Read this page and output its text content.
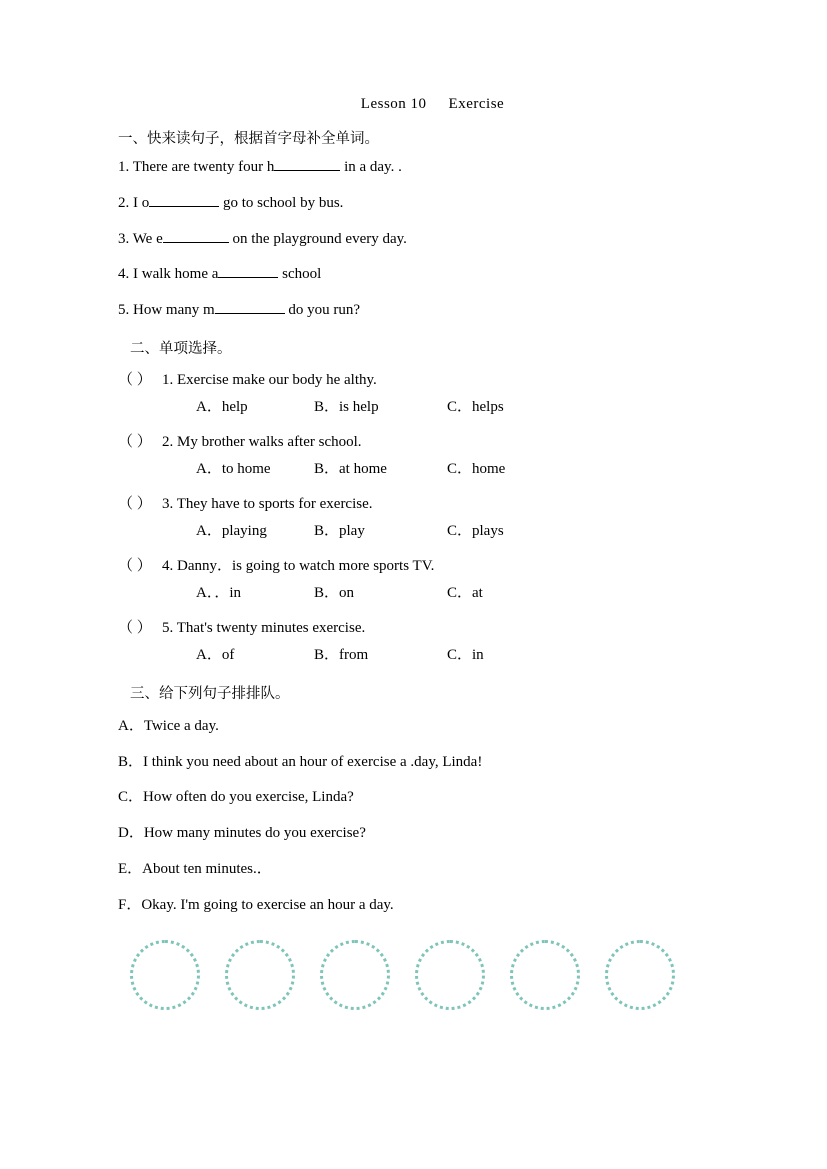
Lesson 10 Exercise
一、快来读句子，根据首字母补全单词。
1. There are twenty four h	in a day. .
2. I o	go to school by bus.
3. We e	on the playground every day.
4. I walk home a	school
5. How many m	do you run?
二、单项选择。
（ ） 1. Exercise make our body he althy.
A．help	B．is help	C．helps
（ ） 2. My brother walks after school.
A．to home	B．at home	C．home
（ ） 3. They have to sports for exercise.
A．playing	B．play	C．plays
（ ） 4. Danny．is going to watch more sports TV.
A．．in	B．on	C．at
（ ） 5. That's twenty minutes exercise.
A．of	B．from	C．in
三、给下列句子排排队。
A．Twice a day.
B．I think you need about an hour of exercise a .day, Linda!
C．How often do you exercise, Linda?
D．How many minutes do you exercise?
E．About ten minutes.．
F．Okay. I'm going to exercise an hour a day.
